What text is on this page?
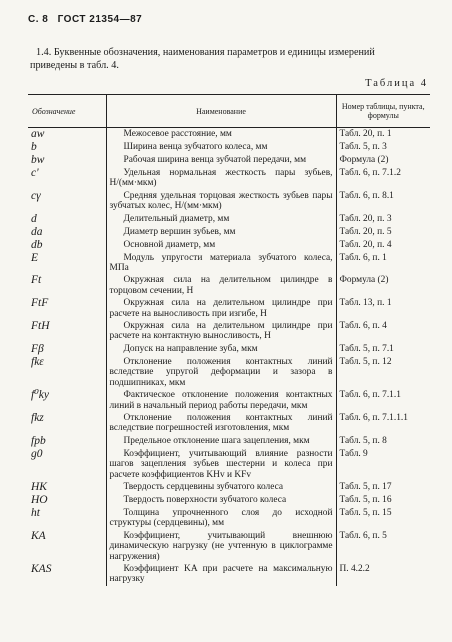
С. 8 ГОСТ 21354—87

1.4. Буквенные обозначения, наименования параметров и единицы измерений

приведены в табл. 4.

Таблица 4
Обозначение	Наименование	Номер таблицы, пункта, формулы
aw	Межосевое расстояние, мм	Табл. 20, п. 1
b	Ширина венца зубчатого колеса, мм	Табл. 5, п. 3
bw	Рабочая ширина венца зубчатой передачи, мм	Формула (2)
c'	Удельная нормальная жесткость пары зубьев, Н/(мм·мкм)	Табл. 6, п. 7.1.2
cγ	Средняя удельная торцовая жесткость зубьев пары зубчатых колес, Н/(мм·мкм)	Табл. 6, п. 8.1
d	Делительный диаметр, мм	Табл. 20, п. 3
da	Диаметр вершин зубьев, мм	Табл. 20, п. 5
db	Основной диаметр, мм	Табл. 20, п. 4
E	Модуль упругости материала зубчатого колеса, МПа	Табл. 6, п. 1
Ft	Окружная сила на делительном цилиндре в торцовом сечении, Н	Формула (2)
FtF	Окружная сила на делительном цилиндре при расчете на выносливость при изгибе, Н	Табл. 13, п. 1
FtH	Окружная сила на делительном цилиндре при расчете на контактную выносливость, Н	Табл. 6, п. 4
Fβ	Допуск на направление зуба, мкм	Табл. 5, п. 7.1
fkε	Отклонение положения контактных линий вследствие упругой деформации и зазора в подшипниках, мкм	Табл. 5, п. 12
f⁰ky	Фактическое отклонение положения контактных линий в начальный период работы передачи, мкм	Табл. 6, п. 7.1.1
fkz	Отклонение положения контактных линий вследствие погрешностей изготовления, мкм	Табл. 6, п. 7.1.1.1
fpb	Предельное отклонение шага зацепления, мкм	Табл. 5, п. 8
g0	Коэффициент, учитывающий влияние разности шагов зацепления зубьев шестерни и колеса при расчете коэффициентов KHv и KFv	Табл. 9
HK	Твердость сердцевины зубчатого колеса	Табл. 5, п. 17
HO	Твердость поверхности зубчатого колеса	Табл. 5, п. 16
ht	Толщина упрочненного слоя до исходной структуры (сердцевины), мм	Табл. 5, п. 15
KA	Коэффициент, учитывающий внешнюю динамическую нагрузку (не учтенную в циклограмме нагружения)	Табл. 6, п. 5
KAS	Коэффициент KA при расчете на максимальную нагрузку	П. 4.2.2
